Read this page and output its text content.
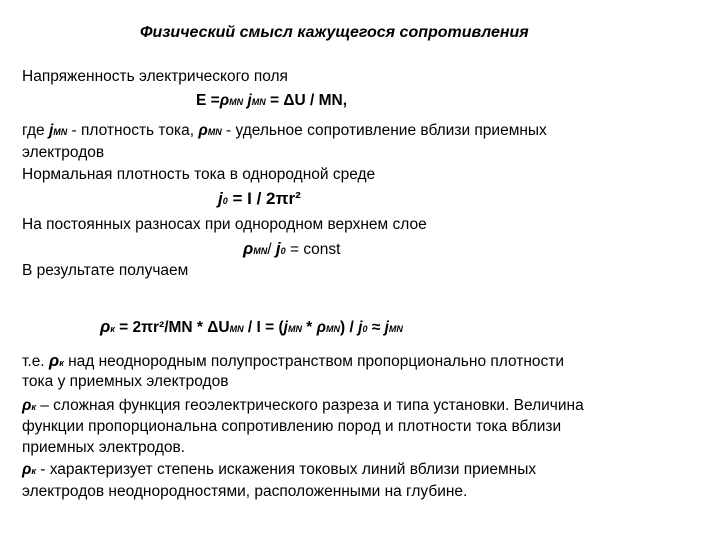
Физический смысл кажущегося сопротивления
Напряженность электрического поля
E =ρMN jMN = ΔU / MN,
где jMN - плотность тока, ρMN - удельное сопротивление вблизи приемных
электродов
Нормальная плотность тока в однородной среде
j0 = I / 2πr²
На постоянных разносах при однородном верхнем слое
ρMN/ j0 = const
В результате получаем
ρк = 2πr²/MN * ΔUMN / I = (jMN * ρMN) / j0 ≈ jMN
т.е. ρк над неоднородным полупространством пропорционально плотности
тока у приемных электродов
ρк – сложная функция геоэлектрического разреза и типа установки. Величина
функции пропорциональна сопротивлению пород и плотности тока вблизи
приемных электродов.
ρк - характеризует степень искажения токовых линий вблизи приемных
электродов неоднородностями, расположенными на глубине.
